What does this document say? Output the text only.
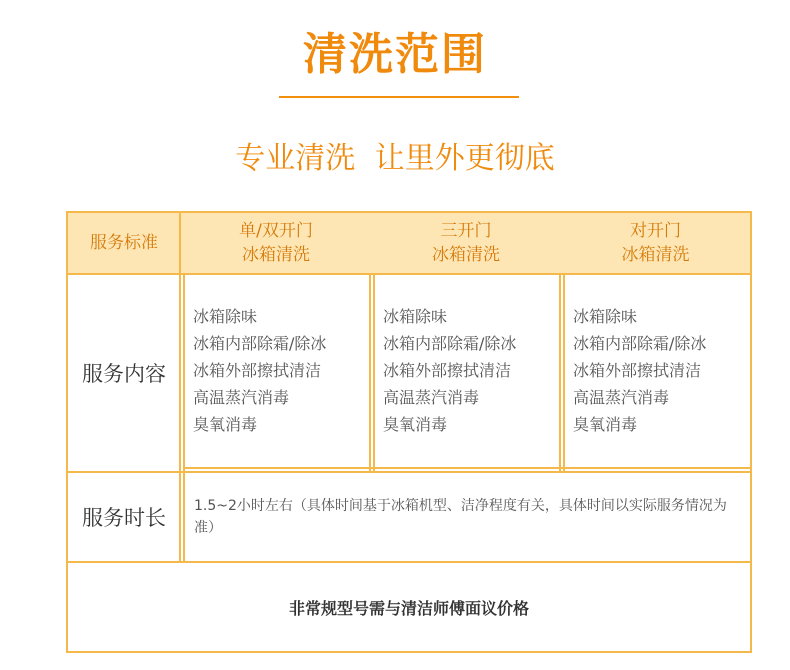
清洗范围
专业清洗 让里外更彻底
服务标准
单/双开门
冰箱清洗
三开门
冰箱清洗
对开门
冰箱清洗
服务内容
冰箱除味
冰箱内部除霜/除冰
冰箱外部擦拭清洁
高温蒸汽消毒
臭氧消毒
冰箱除味
冰箱内部除霜/除冰
冰箱外部擦拭清洁
高温蒸汽消毒
臭氧消毒
冰箱除味
冰箱内部除霜/除冰
冰箱外部擦拭清洁
高温蒸汽消毒
臭氧消毒
服务时长	1.5~2小时左右（具体时间基于冰箱机型、洁净程度有关，具体时间以实际服务情况为准）
非常规型号需与清洁师傅面议价格
